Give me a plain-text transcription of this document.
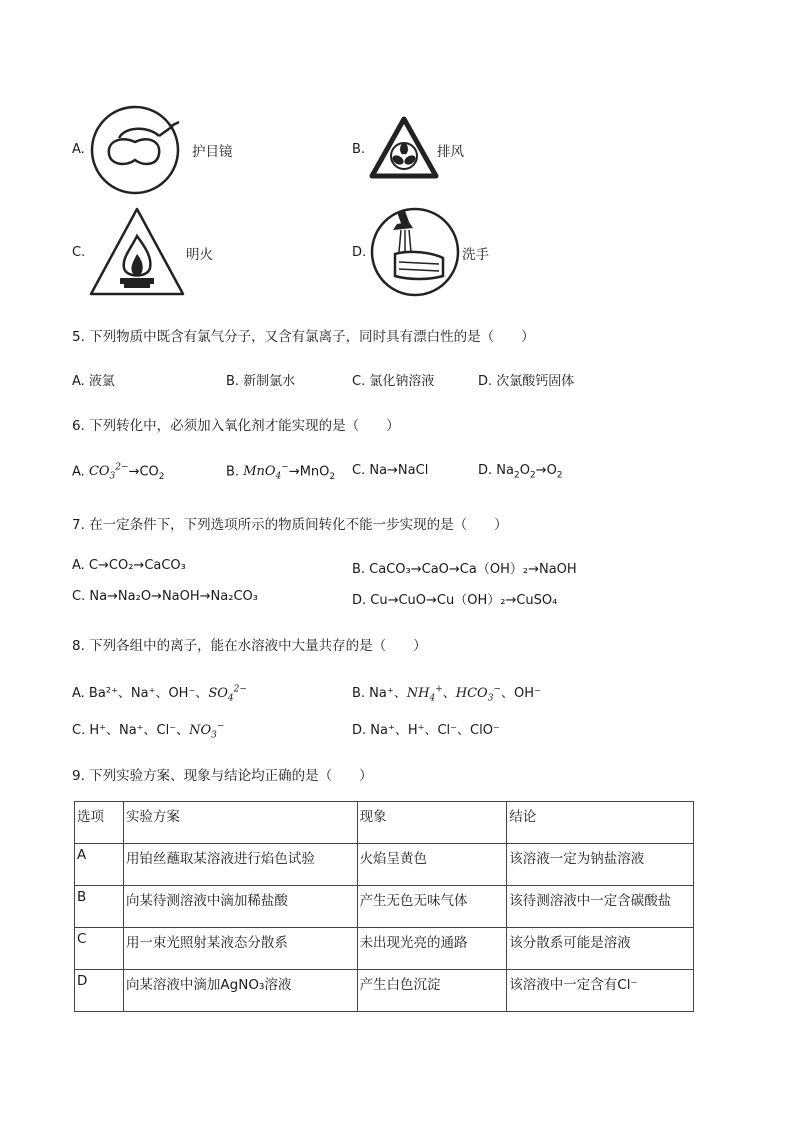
A.	护目镜	B.	排风
C.	明火	D.	洗手
5. 下列物质中既含有氯气分子，又含有氯离子，同时具有漂白性的是（　　）
A. 液氯	B. 新制氯水	C. 氯化钠溶液	D. 次氯酸钙固体
6. 下列转化中，必须加入氧化剂才能实现的是（　　）
A. $CO_3^{2-}\to CO_2$	B. MnO$_4$−→MnO$_2$ C. Na→NaCl	D. $Na_2O_2\to O_2$
7. 在一定条件下，下列选项所示的物质间转化不能一步实现的是（　　）
A. C→CO₂→CaCO₃	B. CaCO₃→CaO→Ca（OH）₂→NaOH
C. Na→Na₂O→NaOH→Na₂CO₃	D. Cu→CuO→Cu（OH）₂→CuSO₄
8. 下列各组中的离子，能在水溶液中大量共存的是（　　）
A. Ba²⁺、Na⁺、OH⁻、$SO_4^{2-}$	B. Na⁺、$NH_4^+$、$HCO_3^-$、OH⁻
C. H⁺、Na⁺、Cl⁻、$NO_3^-$	D. Na⁺、H⁺、Cl⁻、ClO⁻
9. 下列实验方案、现象与结论均正确的是（　　）
选项	实验方案	现象	结论
A	用铂丝蘸取某溶液进行焰色试验	火焰呈黄色	该溶液一定为钠盐溶液
B	向某待测溶液中滴加稀盐酸	产生无色无味气体	该待测溶液中一定含碳酸盐
C	用一束光照射某液态分散系	未出现光亮的通路	该分散系可能是溶液
D	向某溶液中滴加AgNO₃溶液	产生白色沉淀	该溶液中一定含有Cl⁻
